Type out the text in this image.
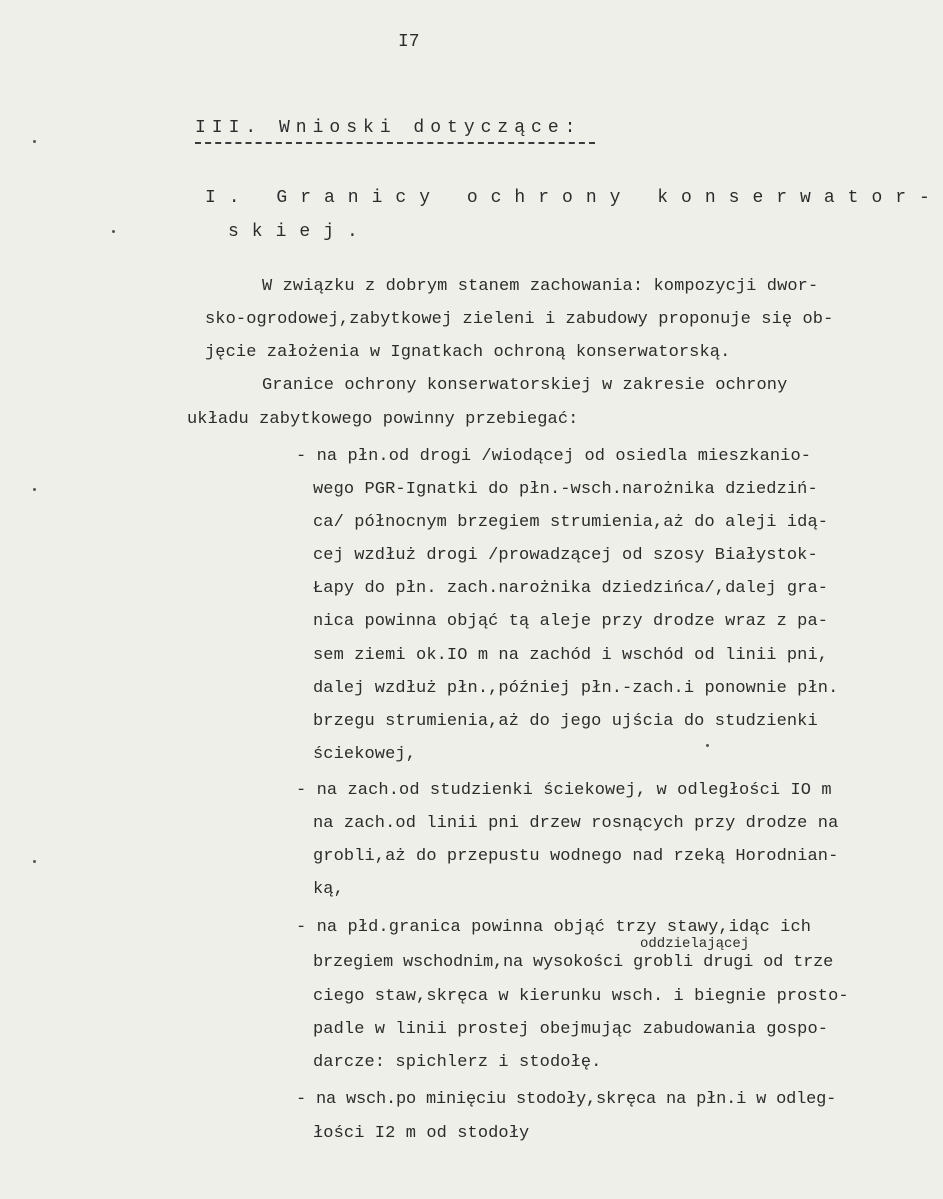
I7
III. Wnioski dotyczące:
I. Granicy ochrony konserwator-
skiej.
W związku z dobrym stanem zachowania: kompozycji dwor-
sko-ogrodowej,zabytkowej zieleni i zabudowy proponuje się ob-
jęcie założenia w Ignatkach ochroną konserwatorską.
Granice ochrony konserwatorskiej w zakresie ochrony
układu zabytkowego powinny przebiegać:
- na płn.od drogi /wiodącej od osiedla mieszkanio-
wego PGR-Ignatki do płn.-wsch.narożnika dziedziń-
ca/ północnym brzegiem strumienia,aż do aleji idą-
cej wzdłuż drogi /prowadzącej od szosy Białystok-
Łapy do płn. zach.narożnika dziedzińca/,dalej gra-
nica powinna objąć tą aleje przy drodze wraz z pa-
sem ziemi ok.IO m na zachód i wschód od linii pni,
dalej wzdłuż płn.,później płn.-zach.i ponownie płn.
brzegu strumienia,aż do jego ujścia do studzienki
ściekowej,
- na zach.od studzienki ściekowej, w odległości IO m
na zach.od linii pni drzew rosnących przy drodze na
grobli,aż do przepustu wodnego nad rzeką Horodnian-
ką,
- na płd.granica powinna objąć trzy stawy,idąc ich
oddzielającej
brzegiem wschodnim,na wysokości grobli drugi od trze
ciego staw,skręca w kierunku wsch. i biegnie prosto-
padle w linii prostej obejmując zabudowania gospo-
darcze: spichlerz i stodołę.
- na wsch.po minięciu stodoły,skręca na płn.i w odleg-
łości I2 m od stodoły
